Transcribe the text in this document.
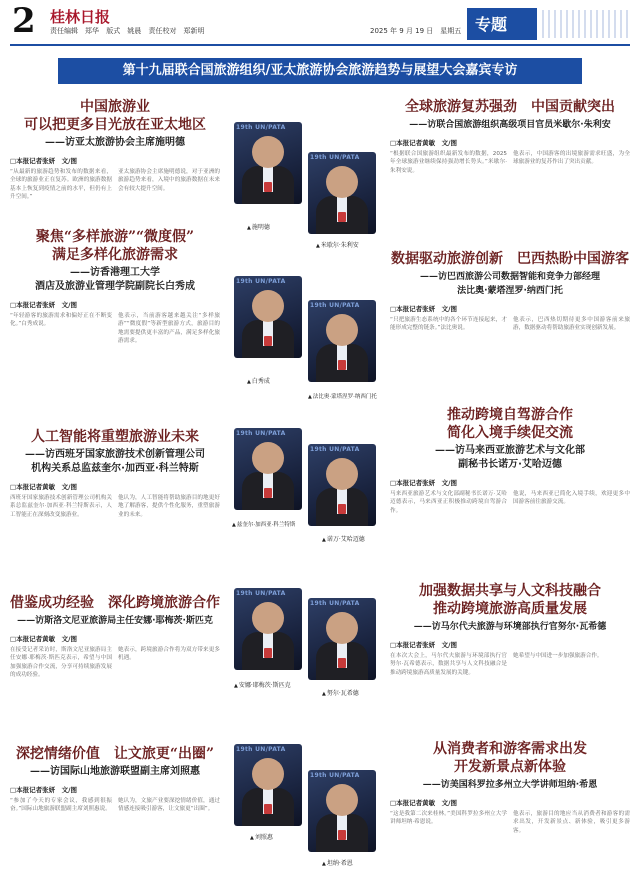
2 桂林日报
责任编辑　郑华 版式　姚晨 责任校对　郑新明	2025 年 9 月 19 日　星期五 专题
第十九届联合国旅游组织/亚太旅游协会旅游趋势与展望大会嘉宾专访
中国旅游业
可以把更多目光放在亚太地区
——访亚太旅游协会主席施明德
□本报记者张妍　文/图
“从最新的旅游趋势和发布的数据来看，全球的旅游业正在复苏。欧洲的旅游数据基本上恢复到疫情之前的水平，但仍有上升空间。”
亚太旅游协会主席施明德说，对于亚洲的旅游趋势来看，入境中的旅游数据在未来会有较大提升空间。
聚焦“多样旅游”“微度假”
满足多样化旅游需求
——访香港理工大学
酒店及旅游业管理学院副院长白秀成
□本报记者张妍　文/图
“年轻游客的旅游需求和偏好正在不断变化。”白秀成说。
他表示，当前游客越来越关注“多样旅游”“微度假”等新型旅游方式，旅游目的地需要提供更丰富的产品，满足多样化旅游需求。
人工智能将重塑旅游业未来
——访西班牙国家旅游技术创新管理公司
机构关系总监兹奎尔·加西亚·科兰特斯
□本报记者黄敏　文/图
西班牙国家旅游技术创新管理公司机构关系总监兹奎尔·加西亚·科兰特斯表示，人工智能正在深刻改变旅游业。
他认为，人工智能将帮助旅游目的地更好地了解游客，提供个性化服务，重塑旅游业的未来。
借鉴成功经验　深化跨境旅游合作
——访斯洛文尼亚旅游局主任安娜·耶梅茨·斯匹克
□本报记者黄敏　文/图
在接受记者采访时，斯洛文尼亚旅游局主任安娜·耶梅茨·斯匹克表示，希望与中国加强旅游合作交流，分享可持续旅游发展的成功经验。
她表示，跨境旅游合作将为双方带来更多机遇。
深挖情绪价值　让文旅更“出圈”
——访国际山地旅游联盟副主席刘照惠
□本报记者张妍　文/图
“参加了今天的专家会议，我感到很振奋。”国际山地旅游联盟副主席刘照惠说。
她认为，文旅产业要深挖情绪价值，通过情感连接吸引游客，让文旅更“出圈”。
19th UN/PATA
▲ 施明德
19th UN/PATA
▲ 米歇尔·朱利安
19th UN/PATA
▲ 白秀成
19th UN/PATA
▲ 法比奥·蒙塔涅罗·纳西门托
19th UN/PATA
▲ 兹奎尔·加西亚·科兰特斯
19th UN/PATA
▲ 诺万·艾哈迈德
19th UN/PATA
▲ 安娜·耶梅茨·斯匹克
19th UN/PATA
▲ 努尔·瓦希德
19th UN/PATA
▲ 刘照惠
19th UN/PATA
▲ 坦纳·希恩
全球旅游复苏强劲　中国贡献突出
——访联合国旅游组织高级项目官员米歇尔·朱利安
□本报记者黄敏　文/图
“根据联合国旅游组织最新发布的数据，2025 年全球旅游业继续保持强劲增长势头。”米歇尔·朱利安说。
他表示，中国游客的出境旅游需求旺盛，为全球旅游业的复苏作出了突出贡献。
数据驱动旅游创新　巴西热盼中国游客
——访巴西旅游公司数据智能和竞争力部经理
法比奥·蒙塔涅罗·纳西门托
□本报记者张妍　文/图
“只把旅游生态系统中的各个环节连接起来，才能形成完整的链条。”法比奥说。
他表示，巴西热切期待更多中国游客前来旅游，数据驱动将帮助旅游业实现创新发展。
推动跨境自驾游合作
简化入境手续促交流
——访马来西亚旅游艺术与文化部
副秘书长诺万·艾哈迈德
□本报记者张妍　文/图
马来西亚旅游艺术与文化部副秘书长诺万·艾哈迈德表示，马来西亚正积极推动跨境自驾游合作。
他说，马来西亚已简化入境手续，欢迎更多中国游客前往旅游交流。
加强数据共享与人文科技融合
推动跨境旅游高质量发展
——访马尔代夫旅游与环境部执行官努尔·瓦希德
□本报记者张妍　文/图
在本次大会上，马尔代夫旅游与环境部执行官努尔·瓦希德表示，数据共享与人文科技融合是推动跨境旅游高质量发展的关键。
她希望与中国进一步加强旅游合作。
从消费者和游客需求出发
开发新景点新体验
——访美国科罗拉多州立大学讲师坦纳·希恩
□本报记者黄敏　文/图
“这是我第二次来桂林。”美国科罗拉多州立大学讲师坦纳·希恩说。
他表示，旅游目的地应当从消费者和游客的需求出发，开发新景点、新体验，吸引更多游客。
